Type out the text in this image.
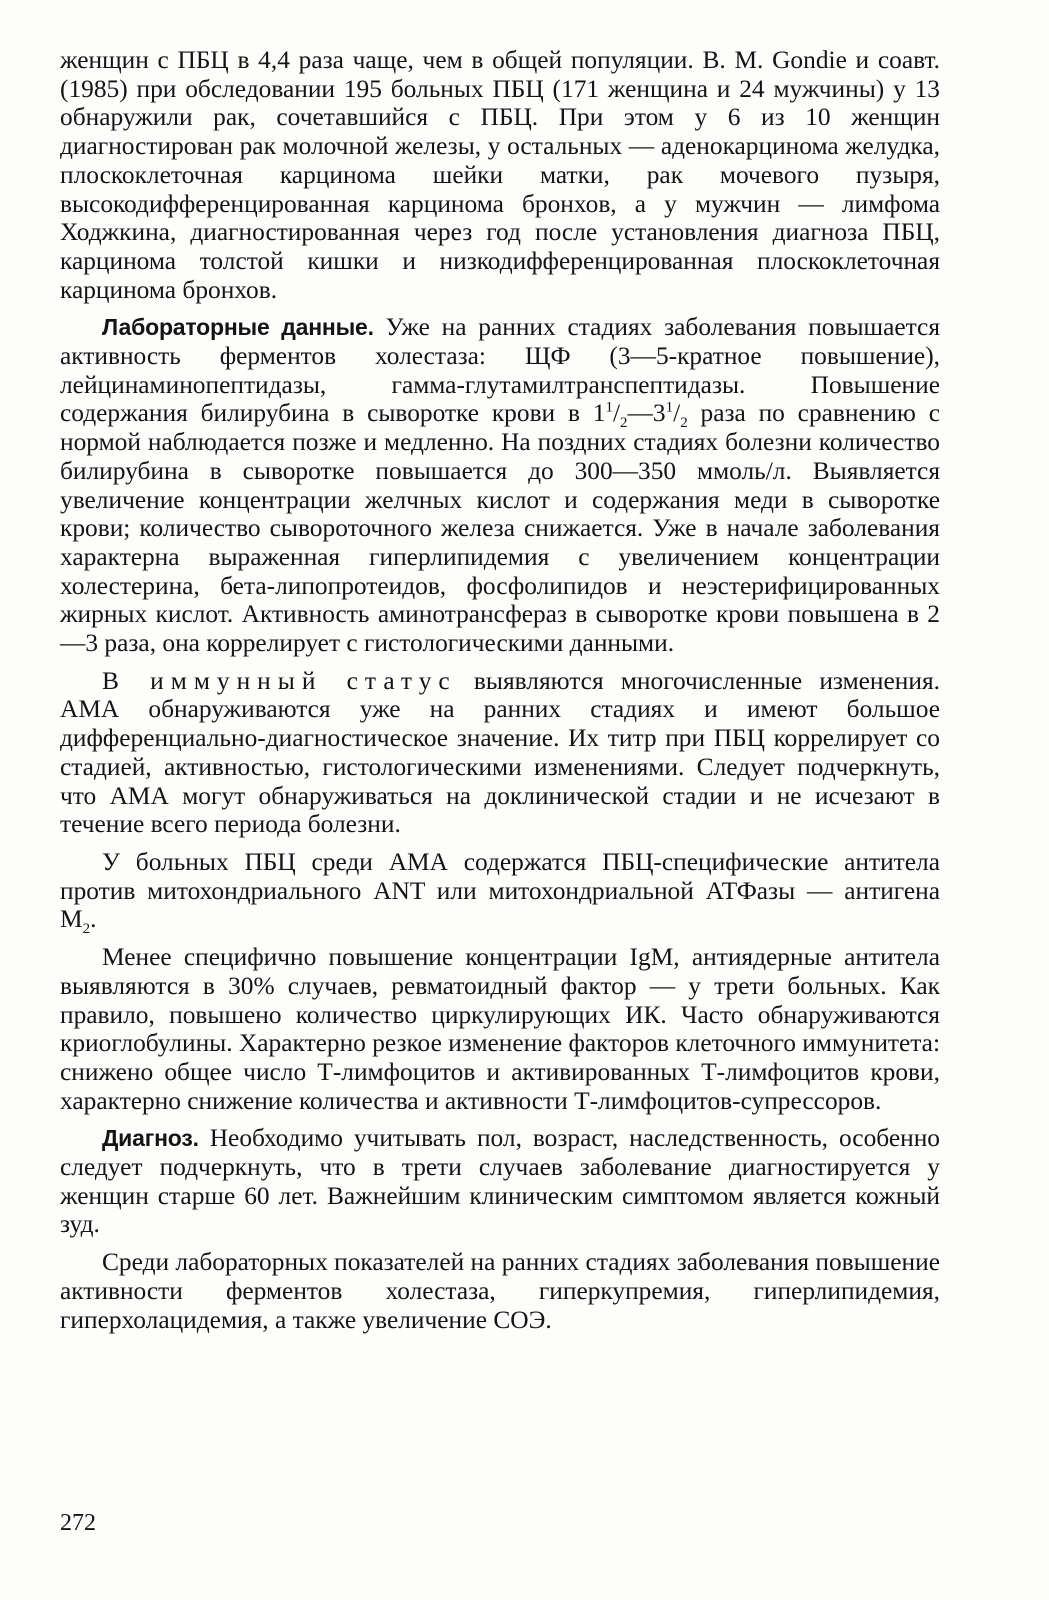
женщин с ПБЦ в 4,4 раза чаще, чем в общей популяции. В. М. Gondie и соавт. (1985) при обследовании 195 больных ПБЦ (171 женщина и 24 мужчины) у 13 обнаружили рак, сочетавшийся с ПБЦ. При этом у 6 из 10 женщин диагностирован рак молочной железы, у остальных — аденокарцинома желудка, плоскоклеточная карцинома шейки матки, рак мочевого пузыря, высокодифференцированная карцинома бронхов, а у мужчин — лимфома Ходжкина, диагностированная через год после установления диагноза ПБЦ, карцинома толстой кишки и низкодифференцированная плоскоклеточная карцинома бронхов.

Лабораторные данные. Уже на ранних стадиях заболевания повышается активность ферментов холестаза: ЩФ (3—5-кратное повышение), лейцинаминопептидазы, гамма-глутамилтранспептидазы. Повышение содержания билирубина в сыворотке крови в $1^1/_2—3^1/_2$ раза по сравнению с нормой наблюдается позже и медленно. На поздних стадиях болезни количество билирубина в сыворотке повышается до 300—350 ммоль/л. Выявляется увеличение концентрации желчных кислот и содержания меди в сыворотке крови; количество сывороточного железа снижается. Уже в начале заболевания характерна выраженная гиперлипидемия с увеличением концентрации холестерина, бета-липопротеидов, фосфолипидов и неэстерифицированных жирных кислот. Активность аминотрансфераз в сыворотке крови повышена в 2—3 раза, она коррелирует с гистологическими данными.

В иммунный статус выявляются многочисленные изменения. АМА обнаруживаются уже на ранних стадиях и имеют большое дифференциально-диагностическое значение. Их титр при ПБЦ коррелирует со стадией, активностью, гистологическими изменениями. Следует подчеркнуть, что АМА могут обнаруживаться на доклинической стадии и не исчезают в течение всего периода болезни.

У больных ПБЦ среди АМА содержатся ПБЦ-специфические антитела против митохондриального ANT или митохондриальной АТФазы — антигена $М_2$.

Менее специфично повышение концентрации IgM, антиядерные антитела выявляются в 30% случаев, ревматоидный фактор — у трети больных. Как правило, повышено количество циркулирующих ИК. Часто обнаруживаются криоглобулины. Характерно резкое изменение факторов клеточного иммунитета: снижено общее число Т-лимфоцитов и активированных Т-лимфоцитов крови, характерно снижение количества и активности Т-лимфоцитов-супрессоров.

Диагноз. Необходимо учитывать пол, возраст, наследственность, особенно следует подчеркнуть, что в трети случаев заболевание диагностируется у женщин старше 60 лет. Важнейшим клиническим симптомом является кожный зуд.

Среди лабораторных показателей на ранних стадиях заболевания повышение активности ферментов холестаза, гиперкупремия, гиперлипидемия, гиперхолацидемия, а также увеличение СОЭ.

272
